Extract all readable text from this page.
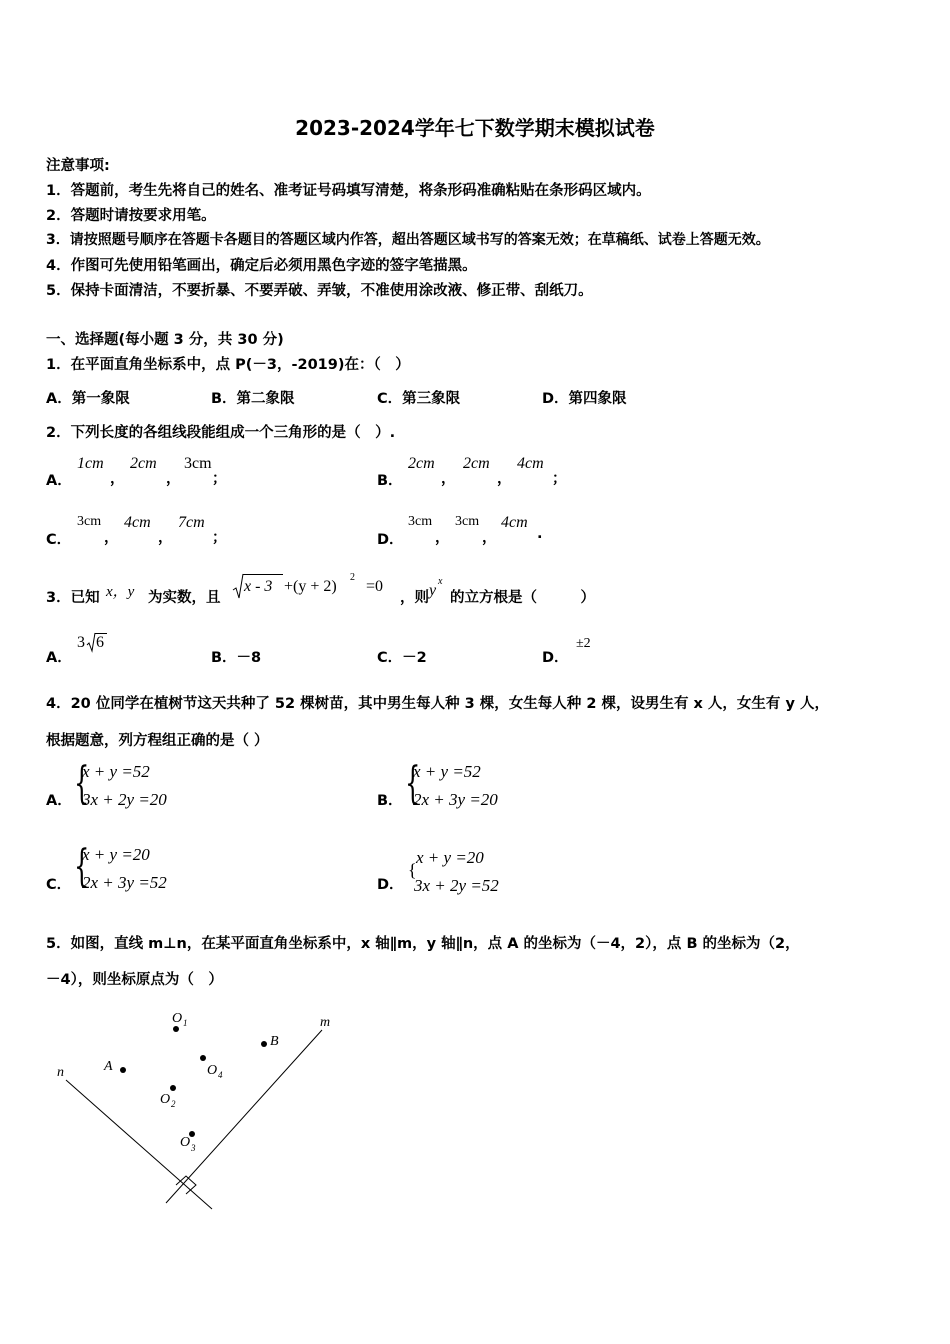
2023-2024学年七下数学期末模拟试卷
注意事项:
1．答题前，考生先将自己的姓名、准考证号码填写清楚，将条形码准确粘贴在条形码区域内。
2．答题时请按要求用笔。
3．请按照题号顺序在答题卡各题目的答题区域内作答，超出答题区域书写的答案无效；在草稿纸、试卷上答题无效。
4．作图可先使用铅笔画出，确定后必须用黑色字迹的签字笔描黑。
5．保持卡面清洁，不要折暴、不要弄破、弄皱，不准使用涂改液、修正带、刮纸刀。
一、选择题(每小题 3 分，共 30 分)
1．在平面直角坐标系中，点 P(－3，-2019)在：（　）
A．第一象限	B．第二象限	C．第三象限	D．第四象限
2．下列长度的各组线段能组成一个三角形的是（　）.
A．
1cm
，
2cm
，
3cm
；	B．
2cm
，
2cm
，
4cm
；
C．
3cm
，
4cm
，
7cm
；	D．
3cm
，
3cm
，
4cm
.
3．已知 x，y 为实数，且
x - 3 +(y + 2)
2
=0
，则 y
x
的立方根是（　　　）
A．
3 6
B．－8	C．－2	D．
±2
4．20 位同学在植树节这天共种了 52 棵树苗，其中男生每人种 3 棵，女生每人种 2 棵，设男生有 x 人，女生有 y 人，
根据题意，列方程组正确的是（ ）
A． {
x + y =52
3x + 2y =20	B． {
x + y =52
2x + 3y =20
C． {
x + y =20
2x + 3y =52	D．
{
x + y =20
3x + 2y =52
5．如图，直线 m⊥n，在某平面直角坐标系中，x 轴∥m，y 轴∥n，点 A 的坐标为（－4，2），点 B 的坐标为（2，
－4），则坐标原点为（　）
m
n	A
B
O 1
O 2
O 3
O 4
